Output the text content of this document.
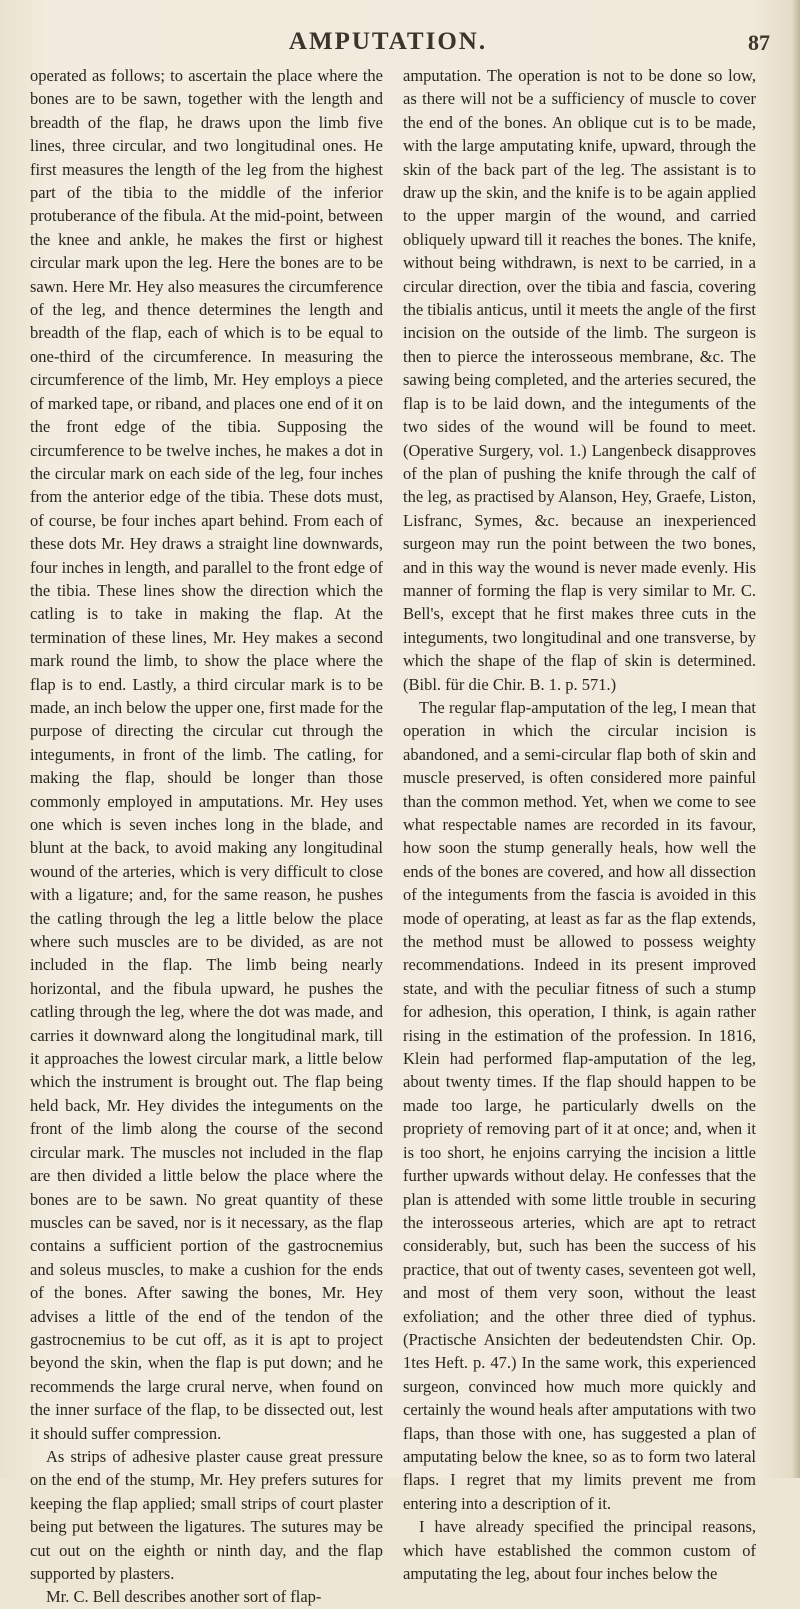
AMPUTATION.	87

operated as follows; to ascertain the place where the bones are to be sawn, together with the length and breadth of the flap, he draws upon the limb five lines, three circular, and two longitudinal ones. He first measures the length of the leg from the highest part of the tibia to the middle of the inferior protuberance of the fibula. At the mid-point, between the knee and ankle, he makes the first or highest circular mark upon the leg. Here the bones are to be sawn. Here Mr. Hey also measures the circumference of the leg, and thence determines the length and breadth of the flap, each of which is to be equal to one-third of the circumference. In measuring the circumference of the limb, Mr. Hey employs a piece of marked tape, or riband, and places one end of it on the front edge of the tibia. Supposing the circumference to be twelve inches, he makes a dot in the circular mark on each side of the leg, four inches from the anterior edge of the tibia. These dots must, of course, be four inches apart behind. From each of these dots Mr. Hey draws a straight line downwards, four inches in length, and parallel to the front edge of the tibia. These lines show the direction which the catling is to take in making the flap. At the termination of these lines, Mr. Hey makes a second mark round the limb, to show the place where the flap is to end. Lastly, a third circular mark is to be made, an inch below the upper one, first made for the purpose of directing the circular cut through the integuments, in front of the limb. The catling, for making the flap, should be longer than those commonly employed in amputations. Mr. Hey uses one which is seven inches long in the blade, and blunt at the back, to avoid making any longitudinal wound of the arteries, which is very difficult to close with a ligature; and, for the same reason, he pushes the catling through the leg a little below the place where such muscles are to be divided, as are not included in the flap. The limb being nearly horizontal, and the fibula upward, he pushes the catling through the leg, where the dot was made, and carries it downward along the longitudinal mark, till it approaches the lowest circular mark, a little below which the instrument is brought out. The flap being held back, Mr. Hey divides the integuments on the front of the limb along the course of the second circular mark. The muscles not included in the flap are then divided a little below the place where the bones are to be sawn. No great quantity of these muscles can be saved, nor is it necessary, as the flap contains a sufficient portion of the gastrocnemius and soleus muscles, to make a cushion for the ends of the bones. After sawing the bones, Mr. Hey advises a little of the end of the tendon of the gastrocnemius to be cut off, as it is apt to project beyond the skin, when the flap is put down; and he recommends the large crural nerve, when found on the inner surface of the flap, to be dissected out, lest it should suffer compression.

As strips of adhesive plaster cause great pressure on the end of the stump, Mr. Hey prefers sutures for keeping the flap applied; small strips of court plaster being put between the ligatures. The sutures may be cut out on the eighth or ninth day, and the flap supported by plasters.

Mr. C. Bell describes another sort of flap-

amputation. The operation is not to be done so low, as there will not be a sufficiency of muscle to cover the end of the bones. An oblique cut is to be made, with the large amputating knife, upward, through the skin of the back part of the leg. The assistant is to draw up the skin, and the knife is to be again applied to the upper margin of the wound, and carried obliquely upward till it reaches the bones. The knife, without being withdrawn, is next to be carried, in a circular direction, over the tibia and fascia, covering the tibialis anticus, until it meets the angle of the first incision on the outside of the limb. The surgeon is then to pierce the interosseous membrane, &c. The sawing being completed, and the arteries secured, the flap is to be laid down, and the integuments of the two sides of the wound will be found to meet. (Operative Surgery, vol. 1.) Langenbeck disapproves of the plan of pushing the knife through the calf of the leg, as practised by Alanson, Hey, Graefe, Liston, Lisfranc, Symes, &c. because an inexperienced surgeon may run the point between the two bones, and in this way the wound is never made evenly. His manner of forming the flap is very similar to Mr. C. Bell's, except that he first makes three cuts in the integuments, two longitudinal and one transverse, by which the shape of the flap of skin is determined. (Bibl. für die Chir. B. 1. p. 571.)

The regular flap-amputation of the leg, I mean that operation in which the circular incision is abandoned, and a semi-circular flap both of skin and muscle preserved, is often considered more painful than the common method. Yet, when we come to see what respectable names are recorded in its favour, how soon the stump generally heals, how well the ends of the bones are covered, and how all dissection of the integuments from the fascia is avoided in this mode of operating, at least as far as the flap extends, the method must be allowed to possess weighty recommendations. Indeed in its present improved state, and with the peculiar fitness of such a stump for adhesion, this operation, I think, is again rather rising in the estimation of the profession. In 1816, Klein had performed flap-amputation of the leg, about twenty times. If the flap should happen to be made too large, he particularly dwells on the propriety of removing part of it at once; and, when it is too short, he enjoins carrying the incision a little further upwards without delay. He confesses that the plan is attended with some little trouble in securing the interosseous arteries, which are apt to retract considerably, but, such has been the success of his practice, that out of twenty cases, seventeen got well, and most of them very soon, without the least exfoliation; and the other three died of typhus. (Practische Ansichten der bedeutendsten Chir. Op. 1tes Heft. p. 47.) In the same work, this experienced surgeon, convinced how much more quickly and certainly the wound heals after amputations with two flaps, than those with one, has suggested a plan of amputating below the knee, so as to form two lateral flaps. I regret that my limits prevent me from entering into a description of it.

I have already specified the principal reasons, which have established the common custom of amputating the leg, about four inches below the
